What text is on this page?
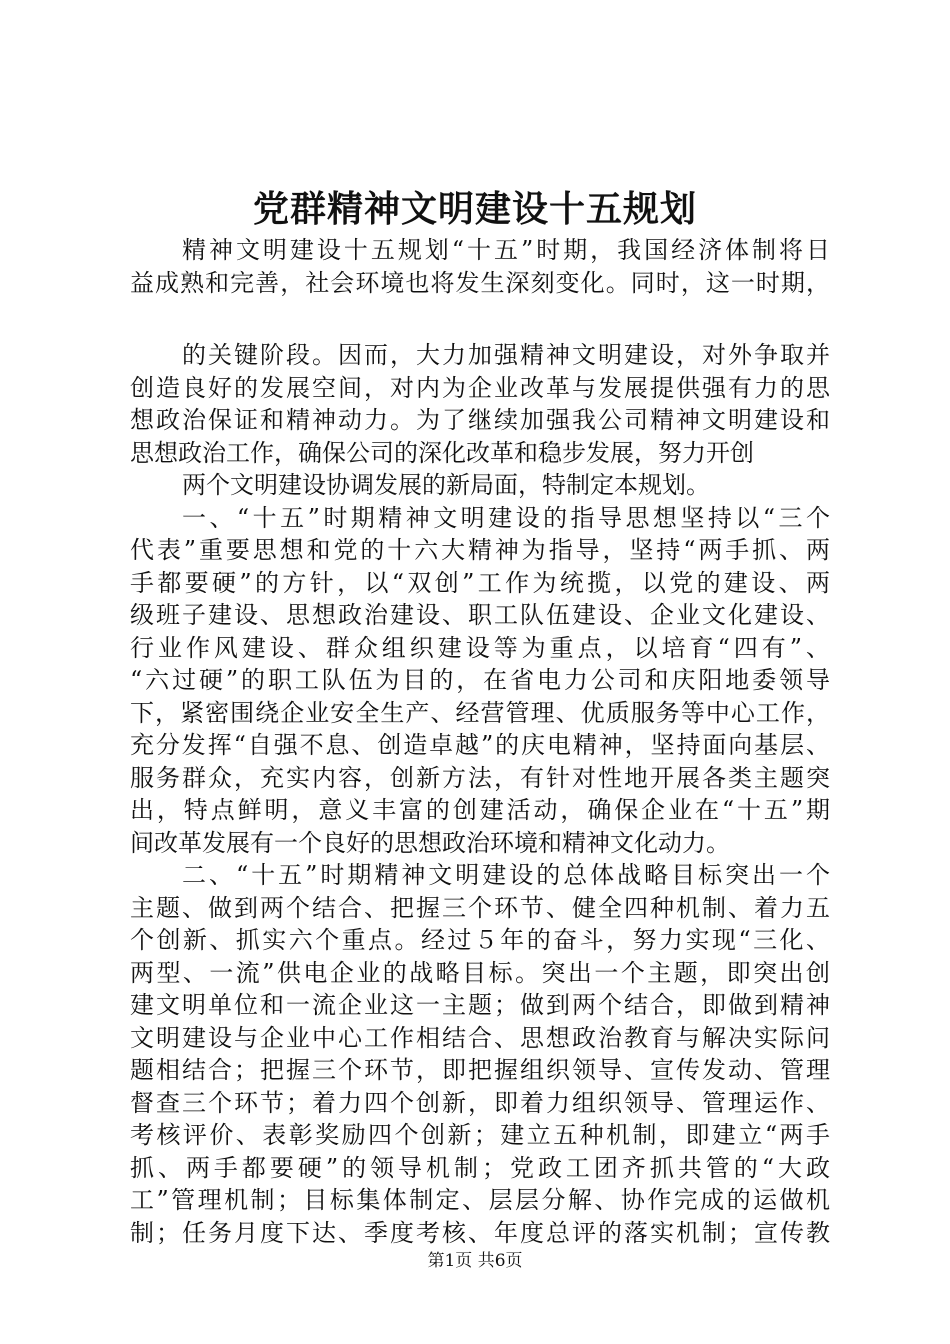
党群精神文明建设十五规划
精神文明建设十五规划“十五”时期，我国经济体制将日
益成熟和完善，社会环境也将发生深刻变化。同时，这一时期，
的关键阶段。因而，大力加强精神文明建设，对外争取并
创造良好的发展空间，对内为企业改革与发展提供强有力的思
想政治保证和精神动力。为了继续加强我公司精神文明建设和
思想政治工作，确保公司的深化改革和稳步发展，努力开创
两个文明建设协调发展的新局面，特制定本规划。
一、“十五”时期精神文明建设的指导思想坚持以“三个
代表”重要思想和党的十六大精神为指导，坚持“两手抓、两
手都要硬”的方针，以“双创”工作为统揽，以党的建设、两
级班子建设、思想政治建设、职工队伍建设、企业文化建设、
行业作风建设、群众组织建设等为重点，以培育“四有”、
“六过硬”的职工队伍为目的，在省电力公司和庆阳地委领导
下，紧密围绕企业安全生产、经营管理、优质服务等中心工作，
充分发挥“自强不息、创造卓越”的庆电精神，坚持面向基层、
服务群众，充实内容，创新方法，有针对性地开展各类主题突
出，特点鲜明，意义丰富的创建活动，确保企业在“十五”期
间改革发展有一个良好的思想政治环境和精神文化动力。
二、“十五”时期精神文明建设的总体战略目标突出一个
主题、做到两个结合、把握三个环节、健全四种机制、着力五
个创新、抓实六个重点。经过５年的奋斗，努力实现“三化、
两型、一流”供电企业的战略目标。突出一个主题，即突出创
建文明单位和一流企业这一主题；做到两个结合，即做到精神
文明建设与企业中心工作相结合、思想政治教育与解决实际问
题相结合；把握三个环节，即把握组织领导、宣传发动、管理
督查三个环节；着力四个创新，即着力组织领导、管理运作、
考核评价、表彰奖励四个创新；建立五种机制，即建立“两手
抓、两手都要硬”的领导机制；党政工团齐抓共管的“大政
工”管理机制；目标集体制定、层层分解、协作完成的运做机
制；任务月度下达、季度考核、年度总评的落实机制；宣传教
第1页 共6页
